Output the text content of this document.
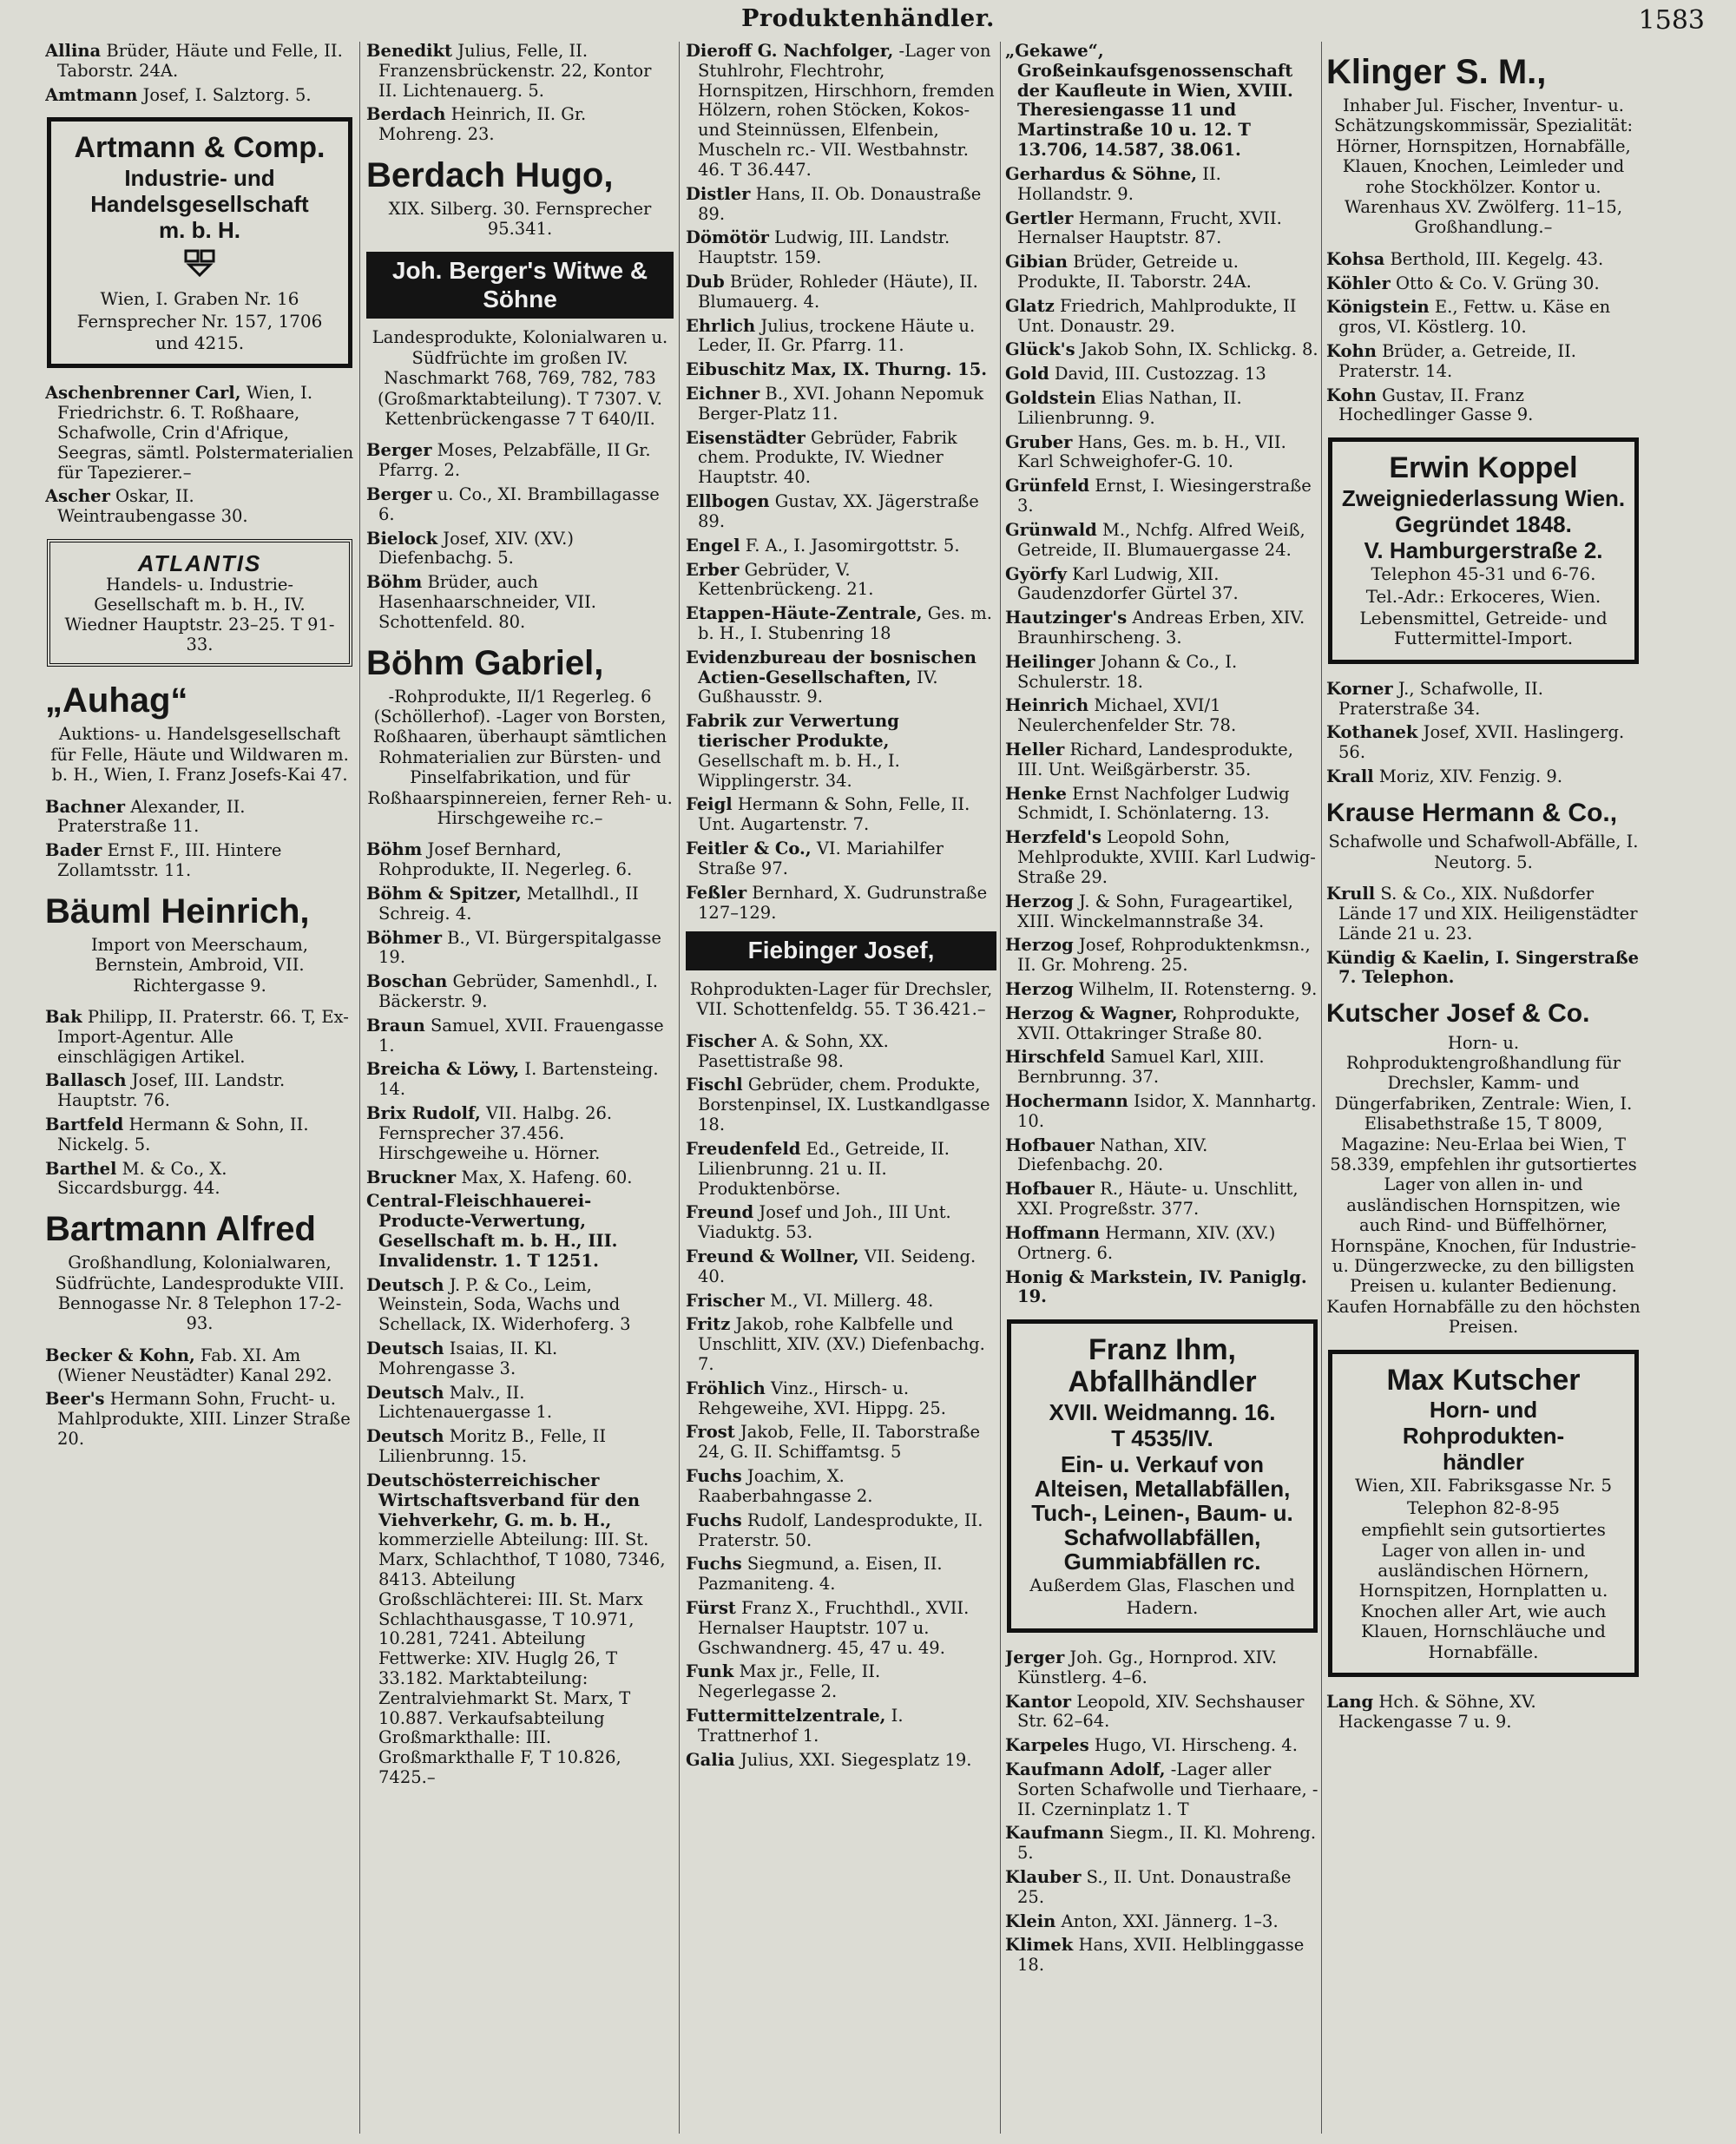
Produktenhändler.	1583

Allina Brüder, Häute und Felle, II. Taborstr. 24A.

Amtmann Josef, I. Salztorg. 5.

Artmann & Comp.
Industrie- und
Handelsgesellschaft
m. b. H.
Wien, I. Graben Nr. 16
Fernsprecher Nr. 157, 1706
und 4215.

Aschenbrenner Carl, Wien, I. Friedrichstr. 6. T. Roßhaare, Schafwolle, Crin d'Afrique, Seegras, sämtl. Polstermaterialien für Tapezierer.–

Ascher Oskar, II. Weintraubengasse 30.

ATLANTIS
Handels- u. Industrie-Gesellschaft m. b. H., IV. Wiedner Hauptstr. 23–25. T 91-33.
„Auhag“
Auktions- u. Handelsgesellschaft für Felle, Häute und Wildwaren m. b. H., Wien, I. Franz Josefs-Kai 47.

Bachner Alexander, II. Praterstraße 11.

Bader Ernst F., III. Hintere Zollamtsstr. 11.

Bäuml Heinrich,
Import von Meerschaum, Bernstein, Ambroid, VII. Richtergasse 9.

Bak Philipp, II. Praterstr. 66. T, Ex-Import-Agentur. Alle einschlägigen Artikel.

Ballasch Josef, III. Landstr. Hauptstr. 76.

Bartfeld Hermann & Sohn, II. Nickelg. 5.

Barthel M. & Co., X. Siccardsburgg. 44.

Bartmann Alfred
Großhandlung, Kolonialwaren, Südfrüchte, Landesprodukte VIII. Bennogasse Nr. 8 Telephon 17-2-93.

Becker & Kohn, Fab. XI. Am (Wiener Neustädter) Kanal 292.

Beer's Hermann Sohn, Frucht- u. Mahlprodukte, XIII. Linzer Straße 20.

Benedikt Julius, Felle, II. Franzensbrückenstr. 22, Kontor II. Lichtenauerg. 5.

Berdach Heinrich, II. Gr. Mohreng. 23.

Berdach Hugo,
XIX. Silberg. 30. Fernsprecher 95.341.
Joh. Berger's Witwe & Söhne
Landesprodukte, Kolonialwaren u. Südfrüchte im großen IV. Naschmarkt 768, 769, 782, 783 (Großmarktabteilung). T 7307. V. Kettenbrückengasse 7 T 640/II.

Berger Moses, Pelzabfälle, II Gr. Pfarrg. 2.

Berger u. Co., XI. Brambillagasse 6.

Bielock Josef, XIV. (XV.) Diefenbachg. 5.

Böhm Brüder, auch Hasenhaarschneider, VII. Schottenfeld. 80.

Böhm Gabriel,
-Rohprodukte, II/1 Regerleg. 6 (Schöllerhof). -Lager von Borsten, Roßhaaren, überhaupt sämtlichen Rohmaterialien zur Bürsten- und Pinselfabrikation, und für Roßhaarspinnereien, ferner Reh- u. Hirschgeweihe rc.–

Böhm Josef Bernhard, Rohprodukte, II. Negerleg. 6.

Böhm & Spitzer, Metallhdl., II Schreig. 4.

Böhmer B., VI. Bürgerspitalgasse 19.

Boschan Gebrüder, Samenhdl., I. Bäckerstr. 9.

Braun Samuel, XVII. Frauengasse 1.

Breicha & Löwy, I. Bartensteing. 14.

Brix Rudolf, VII. Halbg. 26. Fernsprecher 37.456. Hirschgeweihe u. Hörner.

Bruckner Max, X. Hafeng. 60.

Central-Fleischhauerei-Producte-Verwertung, Gesellschaft m. b. H., III. Invalidenstr. 1. T 1251.

Deutsch J. P. & Co., Leim, Weinstein, Soda, Wachs und Schellack, IX. Widerhoferg. 3

Deutsch Isaias, II. Kl. Mohrengasse 3.

Deutsch Malv., II. Lichtenauergasse 1.

Deutsch Moritz B., Felle, II Lilienbrunng. 15.

Deutschösterreichischer Wirtschaftsverband für den Viehverkehr, G. m. b. H., kommerzielle Abteilung: III. St. Marx, Schlachthof, T 1080, 7346, 8413. Abteilung Großschlächterei: III. St. Marx Schlachthausgasse, T 10.971, 10.281, 7241. Abteilung Fettwerke: XIV. Huglg 26, T 33.182. Marktabteilung: Zentralviehmarkt St. Marx, T 10.887. Verkaufsabteilung Großmarkthalle: III. Großmarkthalle F, T 10.826, 7425.–

Dieroff G. Nachfolger, -Lager von Stuhlrohr, Flechtrohr, Hornspitzen, Hirschhorn, fremden Hölzern, rohen Stöcken, Kokos- und Steinnüssen, Elfenbein, Muscheln rc.- VII. Westbahnstr. 46. T 36.447.

Distler Hans, II. Ob. Donaustraße 89.

Dömötör Ludwig, III. Landstr. Hauptstr. 159.

Dub Brüder, Rohleder (Häute), II. Blumauerg. 4.

Ehrlich Julius, trockene Häute u. Leder, II. Gr. Pfarrg. 11.

Eibuschitz Max, IX. Thurng. 15.

Eichner B., XVI. Johann Nepomuk Berger-Platz 11.

Eisenstädter Gebrüder, Fabrik chem. Produkte, IV. Wiedner Hauptstr. 40.

Ellbogen Gustav, XX. Jägerstraße 89.

Engel F. A., I. Jasomirgottstr. 5.

Erber Gebrüder, V. Kettenbrückeng. 21.

Etappen-Häute-Zentrale, Ges. m. b. H., I. Stubenring 18

Evidenzbureau der bosnischen Actien-Gesellschaften, IV. Gußhausstr. 9.

Fabrik zur Verwertung tierischer Produkte, Gesellschaft m. b. H., I. Wipplingerstr. 34.

Feigl Hermann & Sohn, Felle, II. Unt. Augartenstr. 7.

Feitler & Co., VI. Mariahilfer Straße 97.

Feßler Bernhard, X. Gudrunstraße 127–129.

Fiebinger Josef,
Rohprodukten-Lager für Drechsler, VII. Schottenfeldg. 55. T 36.421.–

Fischer A. & Sohn, XX. Pasettistraße 98.

Fischl Gebrüder, chem. Produkte, Borstenpinsel, IX. Lustkandlgasse 18.

Freudenfeld Ed., Getreide, II. Lilienbrunng. 21 u. II. Produktenbörse.

Freund Josef und Joh., III Unt. Viaduktg. 53.

Freund & Wollner, VII. Seideng. 40.

Frischer M., VI. Millerg. 48.

Fritz Jakob, rohe Kalbfelle und Unschlitt, XIV. (XV.) Diefenbachg. 7.

Fröhlich Vinz., Hirsch- u. Rehgeweihe, XVI. Hippg. 25.

Frost Jakob, Felle, II. Taborstraße 24, G. II. Schiffamtsg. 5

Fuchs Joachim, X. Raaberbahngasse 2.

Fuchs Rudolf, Landesprodukte, II. Praterstr. 50.

Fuchs Siegmund, a. Eisen, II. Pazmaniteng. 4.

Fürst Franz X., Fruchthdl., XVII. Hernalser Hauptstr. 107 u. Gschwandnerg. 45, 47 u. 49.

Funk Max jr., Felle, II. Negerlegasse 2.

Futtermittelzentrale, I. Trattnerhof 1.

Galia Julius, XXI. Siegesplatz 19.

„Gekawe“, Großeinkaufsgenossenschaft der Kaufleute in Wien, XVIII. Theresiengasse 11 und Martinstraße 10 u. 12. T 13.706, 14.587, 38.061.

Gerhardus & Söhne, II. Hollandstr. 9.

Gertler Hermann, Frucht, XVII. Hernalser Hauptstr. 87.

Gibian Brüder, Getreide u. Produkte, II. Taborstr. 24A.

Glatz Friedrich, Mahlprodukte, II Unt. Donaustr. 29.

Glück's Jakob Sohn, IX. Schlickg. 8.

Gold David, III. Custozzag. 13

Goldstein Elias Nathan, II. Lilienbrunng. 9.

Gruber Hans, Ges. m. b. H., VII. Karl Schweighofer-G. 10.

Grünfeld Ernst, I. Wiesingerstraße 3.

Grünwald M., Nchfg. Alfred Weiß, Getreide, II. Blumauergasse 24.

Györfy Karl Ludwig, XII. Gaudenzdorfer Gürtel 37.

Hautzinger's Andreas Erben, XIV. Braunhirscheng. 3.

Heilinger Johann & Co., I. Schulerstr. 18.

Heinrich Michael, XVI/1 Neulerchenfelder Str. 78.

Heller Richard, Landesprodukte, III. Unt. Weißgärberstr. 35.

Henke Ernst Nachfolger Ludwig Schmidt, I. Schönlaterng. 13.

Herzfeld's Leopold Sohn, Mehlprodukte, XVIII. Karl Ludwig-Straße 29.

Herzog J. & Sohn, Furageartikel, XIII. Winckelmannstraße 34.

Herzog Josef, Rohproduktenkmsn., II. Gr. Mohreng. 25.

Herzog Wilhelm, II. Rotensterng. 9.

Herzog & Wagner, Rohprodukte, XVII. Ottakringer Straße 80.

Hirschfeld Samuel Karl, XIII. Bernbrunng. 37.

Hochermann Isidor, X. Mannhartg. 10.

Hofbauer Nathan, XIV. Diefenbachg. 20.

Hofbauer R., Häute- u. Unschlitt, XXI. Progreßstr. 377.

Hoffmann Hermann, XIV. (XV.) Ortnerg. 6.

Honig & Markstein, IV. Paniglg. 19.

Franz Ihm, Abfallhändler
XVII. Weidmanng. 16.
T 4535/IV.
Ein- u. Verkauf von Alteisen, Metallabfällen, Tuch-, Leinen-, Baum- u. Schafwollabfällen, Gummiabfällen rc.
Außerdem Glas, Flaschen und
Hadern.

Jerger Joh. Gg., Hornprod. XIV. Künstlerg. 4–6.

Kantor Leopold, XIV. Sechshauser Str. 62–64.

Karpeles Hugo, VI. Hirscheng. 4.

Kaufmann Adolf, -Lager aller Sorten Schafwolle und Tierhaare, - II. Czerninplatz 1. T

Kaufmann Siegm., II. Kl. Mohreng. 5.

Klauber S., II. Unt. Donaustraße 25.

Klein Anton, XXI. Jännerg. 1–3.

Klimek Hans, XVII. Helblinggasse 18.

Klinger S. M.,
Inhaber Jul. Fischer, Inventur- u. Schätzungskommissär, Spezialität: Hörner, Hornspitzen, Hornabfälle, Klauen, Knochen, Leimleder und rohe Stockhölzer. Kontor u. Warenhaus XV. Zwölferg. 11–15, Großhandlung.–

Kohsa Berthold, III. Kegelg. 43.

Köhler Otto & Co. V. Grüng 30.

Königstein E., Fettw. u. Käse en gros, VI. Köstlerg. 10.

Kohn Brüder, a. Getreide, II. Praterstr. 14.

Kohn Gustav, II. Franz Hochedlinger Gasse 9.

Erwin Koppel
Zweigniederlassung Wien.
Gegründet 1848.
V. Hamburgerstraße 2.
Telephon 45-31 und 6-76.
Tel.-Adr.: Erkoceres, Wien.
Lebensmittel, Getreide- und Futtermittel-Import.

Korner J., Schafwolle, II. Praterstraße 34.

Kothanek Josef, XVII. Haslingerg. 56.

Krall Moriz, XIV. Fenzig. 9.

Krause Hermann & Co.,
Schafwolle und Schafwoll-Abfälle, I. Neutorg. 5.

Krull S. & Co., XIX. Nußdorfer Lände 17 und XIX. Heiligenstädter Lände 21 u. 23.

Kündig & Kaelin, I. Singerstraße 7. Telephon.

Kutscher Josef & Co.
Horn- u. Rohproduktengroßhandlung für Drechsler, Kamm- und Düngerfabriken, Zentrale: Wien, I. Elisabethstraße 15, T 8009, Magazine: Neu-Erlaa bei Wien, T 58.339, empfehlen ihr gutsortiertes Lager von allen in- und ausländischen Hornspitzen, wie auch Rind- und Büffelhörner, Hornspäne, Knochen, für Industrie- u. Düngerzwecke, zu den billigsten Preisen u. kulanter Bedienung. Kaufen Hornabfälle zu den höchsten Preisen.
Max Kutscher
Horn- und
Rohprodukten-
händler
Wien, XII. Fabriksgasse Nr. 5
Telephon 82-8-95
empfiehlt sein gutsortiertes Lager von allen in- und ausländischen Hörnern, Hornspitzen, Hornplatten u. Knochen aller Art, wie auch Klauen, Hornschläuche und Hornabfälle.

Lang Hch. & Söhne, XV. Hackengasse 7 u. 9.
